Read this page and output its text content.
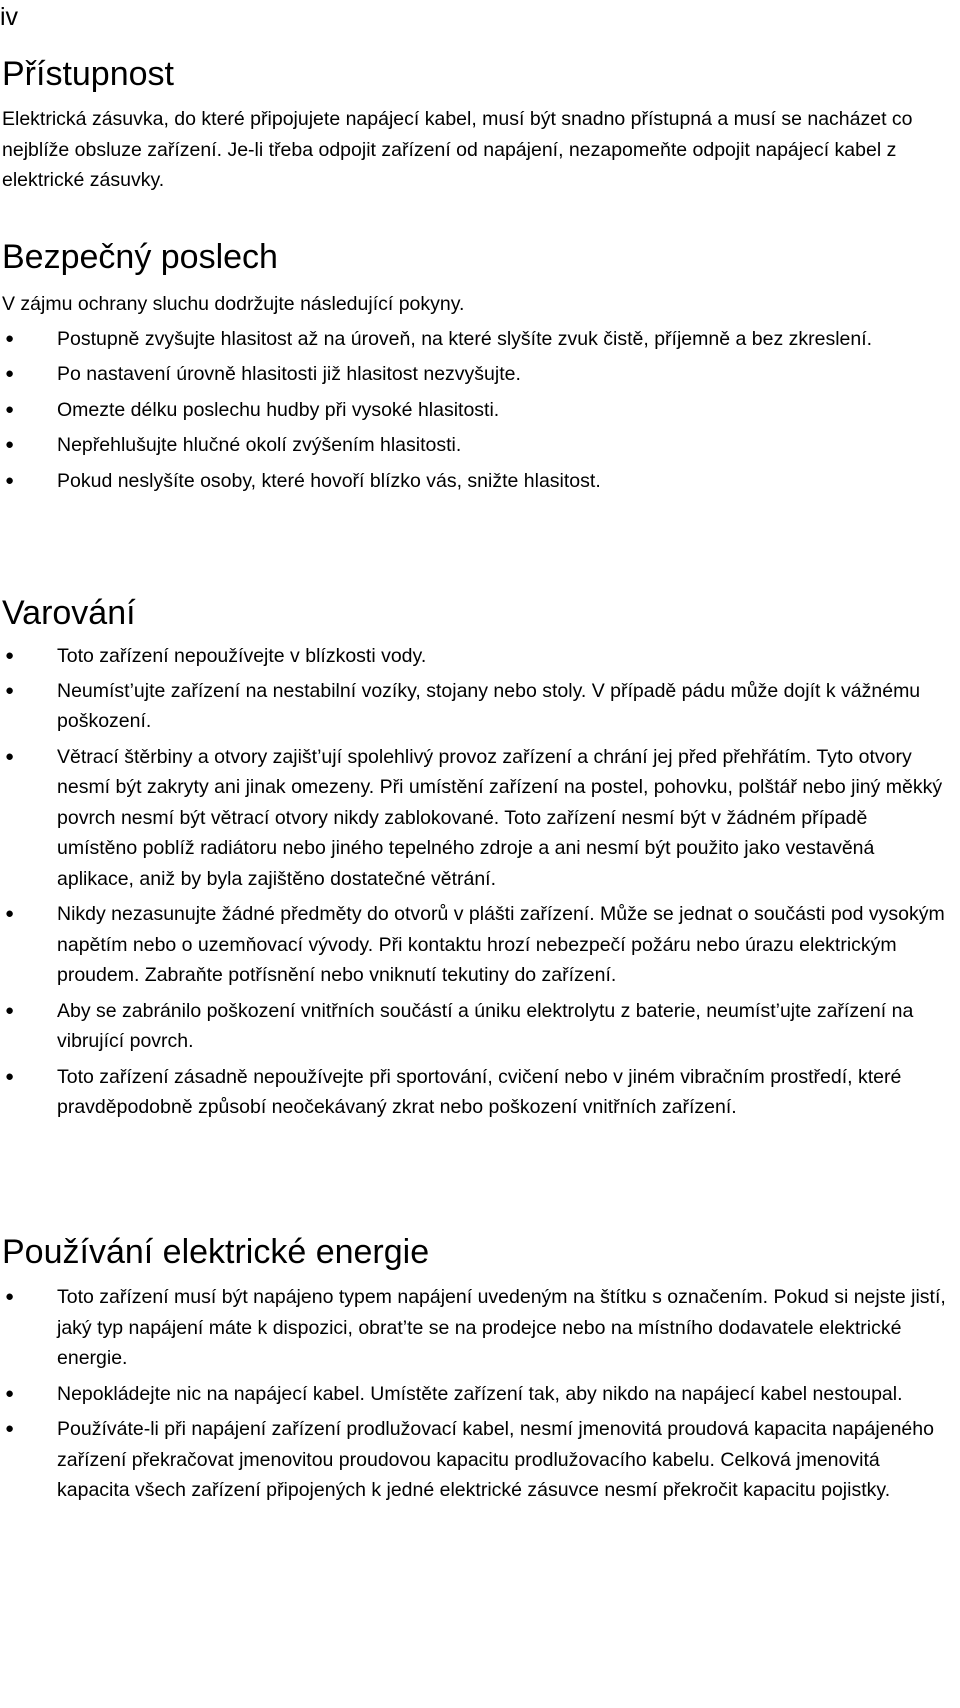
iv
Přístupnost

Elektrická zásuvka, do které připojujete napájecí kabel, musí být snadno přístupná a musí se nacházet co nejblíže obsluze zařízení. Je-li třeba odpojit zařízení od napájení, nezapomeňte odpojit napájecí kabel z elektrické zásuvky.

Bezpečný poslech

V zájmu ochrany sluchu dodržujte následující pokyny.

● Postupně zvyšujte hlasitost až na úroveň, na které slyšíte zvuk čistě, příjemně a bez zkreslení.
● Po nastavení úrovně hlasitosti již hlasitost nezvyšujte.
● Omezte délku poslechu hudby při vysoké hlasitosti.
● Nepřehlušujte hlučné okolí zvýšením hlasitosti.
● Pokud neslyšíte osoby, které hovoří blízko vás, snižte hlasitost.
Varování
● Toto zařízení nepoužívejte v blízkosti vody.
● Neumíst’ujte zařízení na nestabilní vozíky, stojany nebo stoly. V případě pádu může dojít k vážnému poškození.
● Větrací štěrbiny a otvory zajišt’ují spolehlivý provoz zařízení a chrání jej před přehřátím. Tyto otvory nesmí být zakryty ani jinak omezeny. Při umístění zařízení na postel, pohovku, polštář nebo jiný měkký povrch nesmí být větrací otvory nikdy zablokované. Toto zařízení nesmí být v žádném případě umístěno poblíž radiátoru nebo jiného tepelného zdroje a ani nesmí být použito jako vestavěná aplikace, aniž by byla zajištěno dostatečné větrání.
● Nikdy nezasunujte žádné předměty do otvorů v plášti zařízení. Může se jednat o součásti pod vysokým napětím nebo o uzemňovací vývody. Při kontaktu hrozí nebezpečí požáru nebo úrazu elektrickým proudem. Zabraňte potřísnění nebo vniknutí tekutiny do zařízení.
● Aby se zabránilo poškození vnitřních součástí a úniku elektrolytu z baterie, neumíst’ujte zařízení na vibrující povrch.
● Toto zařízení zásadně nepoužívejte při sportování, cvičení nebo v jiném vibračním prostředí, které pravděpodobně způsobí neočekávaný zkrat nebo poškození vnitřních zařízení.
Používání elektrické energie
● Toto zařízení musí být napájeno typem napájení uvedeným na štítku s označením. Pokud si nejste jistí, jaký typ napájení máte k dispozici, obrat’te se na prodejce nebo na místního dodavatele elektrické energie.
● Nepokládejte nic na napájecí kabel. Umístěte zařízení tak, aby nikdo na napájecí kabel nestoupal.
● Používáte-li při napájení zařízení prodlužovací kabel, nesmí jmenovitá proudová kapacita napájeného zařízení překračovat jmenovitou proudovou kapacitu prodlužovacího kabelu. Celková jmenovitá kapacita všech zařízení připojených k jedné elektrické zásuvce nesmí překročit kapacitu pojistky.
